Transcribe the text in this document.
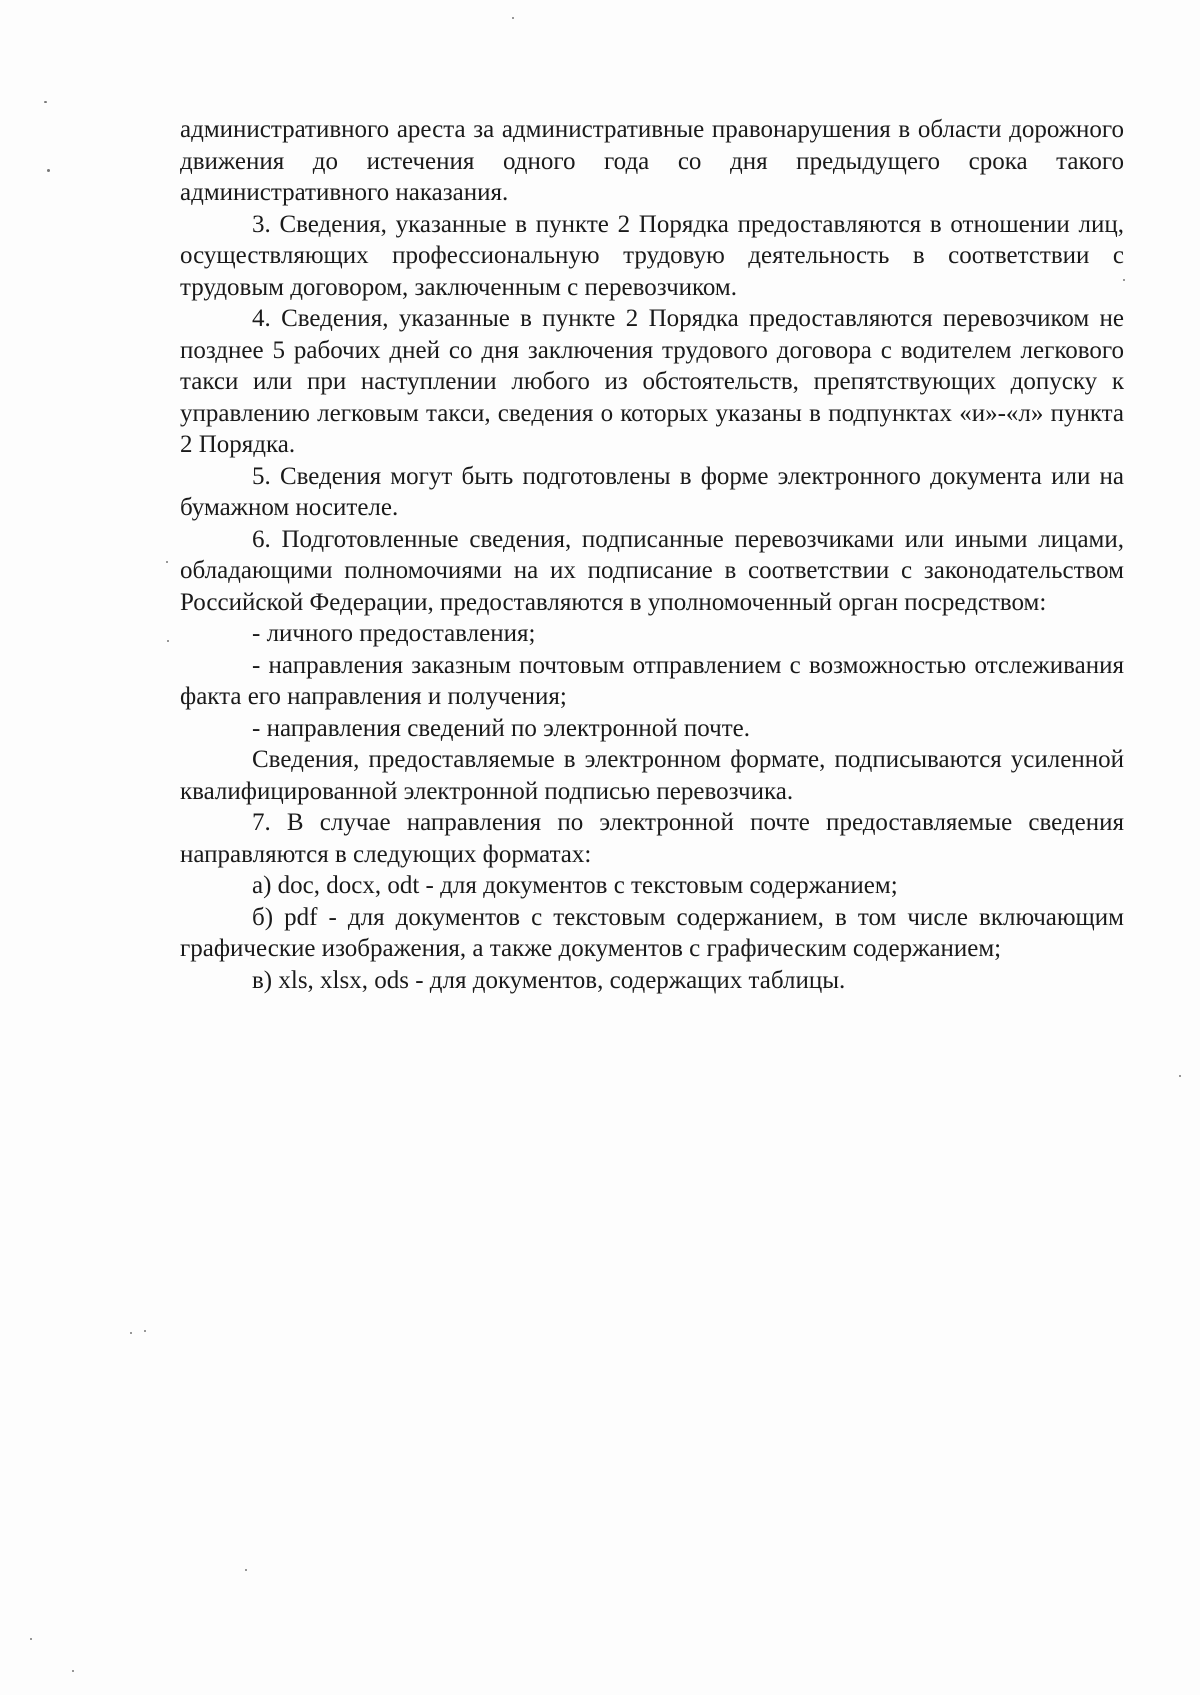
административного ареста за административные правонарушения в области дорожного движения до истечения одного года со дня предыдущего срока такого административного наказания.

3. Сведения, указанные в пункте 2 Порядка предоставляются в отношении лиц, осуществляющих профессиональную трудовую деятельность в соответствии с трудовым договором, заключенным с перевозчиком.

4. Сведения, указанные в пункте 2 Порядка предоставляются перевозчиком не позднее 5 рабочих дней со дня заключения трудового договора с водителем легкового такси или при наступлении любого из обстоятельств, препятствующих допуску к управлению легковым такси, сведения о которых указаны в подпунктах «и»-«л» пункта 2 Порядка.

5. Сведения могут быть подготовлены в форме электронного документа или на бумажном носителе.

6. Подготовленные сведения, подписанные перевозчиками или иными лицами, обладающими полномочиями на их подписание в соответствии с законодательством Российской Федерации, предоставляются в уполномоченный орган посредством:

- личного предоставления;

- направления заказным почтовым отправлением с возможностью отслеживания факта его направления и получения;

- направления сведений по электронной почте.

Сведения, предоставляемые в электронном формате, подписываются усиленной квалифицированной электронной подписью перевозчика.

7. В случае направления по электронной почте предоставляемые сведения направляются в следующих форматах:

а) doc, docx, odt - для документов с текстовым содержанием;

б) pdf - для документов с текстовым содержанием, в том числе включающим графические изображения, а также документов с графическим содержанием;

в) xls, xlsx, ods - для документов, содержащих таблицы.
